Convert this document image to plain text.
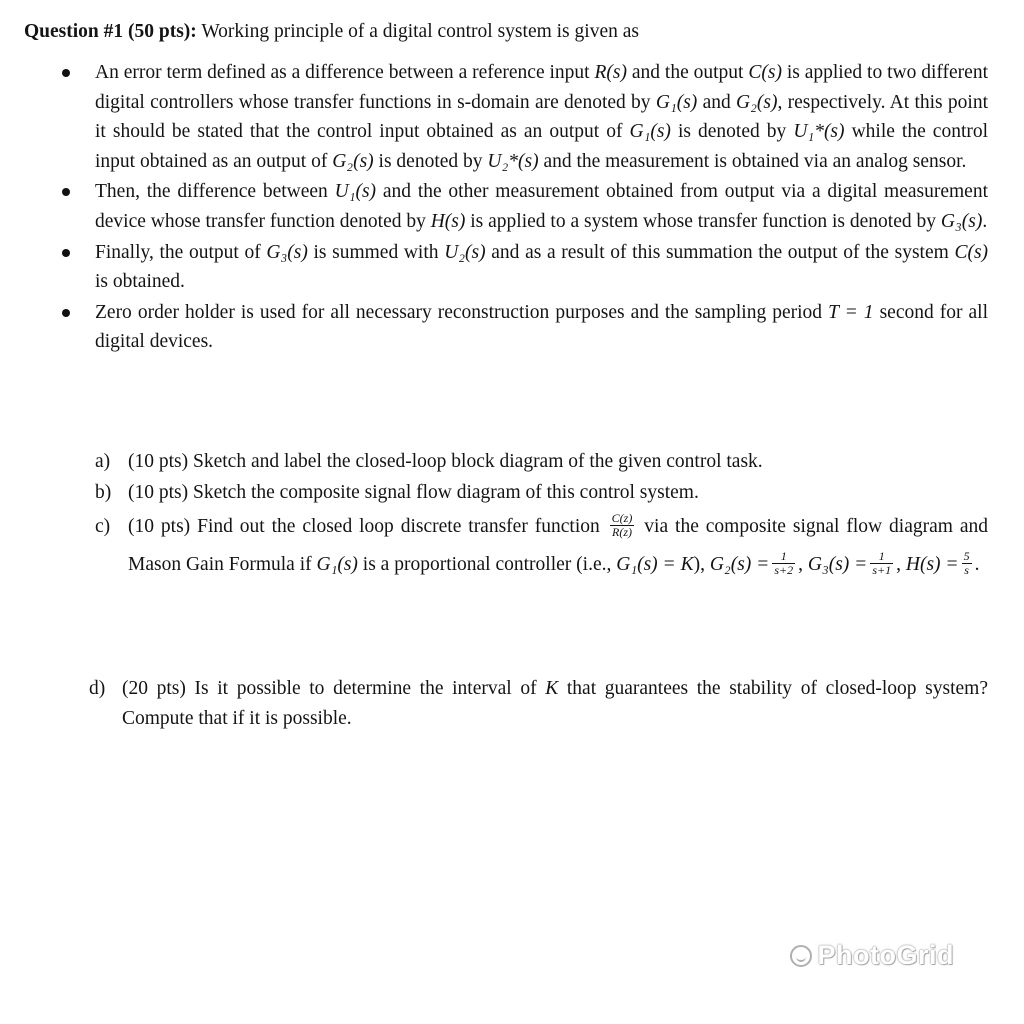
Question #1 (50 pts): Working principle of a digital control system is given as
An error term defined as a difference between a reference input R(s) and the output C(s) is applied to two different digital controllers whose transfer functions in s-domain are denoted by G₁(s) and G₂(s), respectively. At this point it should be stated that the control input obtained as an output of G₁(s) is denoted by U₁*(s) while the control input obtained as an output of G₂(s) is denoted by U₂*(s) and the measurement is obtained via an analog sensor.
Then, the difference between U₁(s) and the other measurement obtained from output via a digital measurement device whose transfer function denoted by H(s) is applied to a system whose transfer function is denoted by G₃(s).
Finally, the output of G₃(s) is summed with U₂(s) and as a result of this summation the output of the system C(s) is obtained.
Zero order holder is used for all necessary reconstruction purposes and the sampling period T = 1 second for all digital devices.
a) (10 pts) Sketch and label the closed-loop block diagram of the given control task.
b) (10 pts) Sketch the composite signal flow diagram of this control system.
c) (10 pts) Find out the closed loop discrete transfer function $\frac{C(z)}{R(z)}$ via the composite signal flow diagram and Mason Gain Formula if G₁(s) is a proportional controller (i.e., G₁(s) = K), $G_2(s) = \frac{1}{s+2}$ , $G_3(s) = \frac{1}{s+1}$ , $H(s) = \frac{5}{s}$ .
d) (20 pts) Is it possible to determine the interval of K that guarantees the stability of closed-loop system? Compute that if it is possible.
PhotoGrid
